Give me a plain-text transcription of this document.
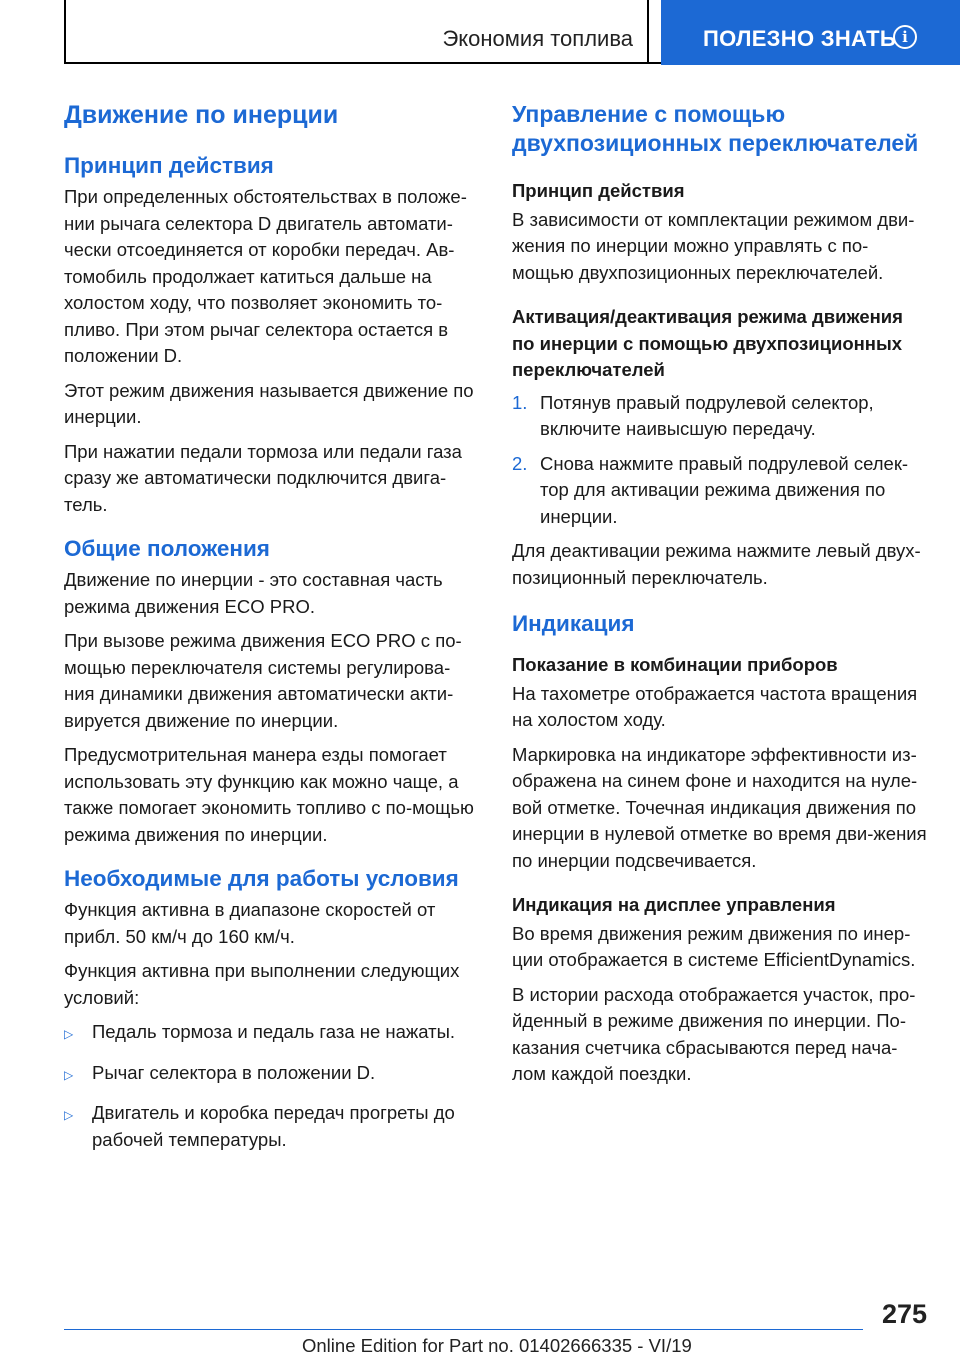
Экономия топлива	ПОЛЕЗНО ЗНАТЬ i
Движение по инерции
Принцип действия
При определенных обстоятельствах в положе-нии рычага селектора D двигатель автомати-чески отсоединяется от коробки передач. Ав-томобиль продолжает катиться дальше на холостом ходу, что позволяет экономить то-пливо. При этом рычаг селектора остается в положении D.
Этот режим движения называется движение по инерции.
При нажатии педали тормоза или педали газа сразу же автоматически подключится двига-тель.
Общие положения
Движение по инерции - это составная часть режима движения ECO PRO.
При вызове режима движения ECO PRO с по-мощью переключателя системы регулирова-ния динамики движения автоматически акти-вируется движение по инерции.
Предусмотрительная манера езды помогает использовать эту функцию как можно чаще, а также помогает экономить топливо с по-мощью режима движения по инерции.
Необходимые для работы условия
Функция активна в диапазоне скоростей от прибл. 50 км/ч до 160 км/ч.
Функция активна при выполнении следующих условий:
▷	Педаль тормоза и педаль газа не нажаты.
▷	Рычаг селектора в положении D.
▷	Двигатель и коробка передач прогреты до рабочей температуры.
Управление с помощью двухпозиционных переключателей
Принцип действия
В зависимости от комплектации режимом дви-жения по инерции можно управлять с по-мощью двухпозиционных переключателей.
Активация/деактивация режима движения по инерции с помощью двухпозиционных переключателей
1. Потянув правый подрулевой селектор, включите наивысшую передачу.
2. Снова нажмите правый подрулевой селек-тор для активации режима движения по инерции.
Для деактивации режима нажмите левый двух-позиционный переключатель.
Индикация
Показание в комбинации приборов
На тахометре отображается частота вращения на холостом ходу.
Маркировка на индикаторе эффективности из-ображена на синем фоне и находится на нуле-вой отметке. Точечная индикация движения по инерции в нулевой отметке во время дви-жения по инерции подсвечивается.
Индикация на дисплее управления
Во время движения режим движения по инер-ции отображается в системе EfficientDynamics.
В истории расхода отображается участок, про-йденный в режиме движения по инерции. По-казания счетчика сбрасываются перед нача-лом каждой поездки.
275
Online Edition for Part no. 01402666335 - VI/19
